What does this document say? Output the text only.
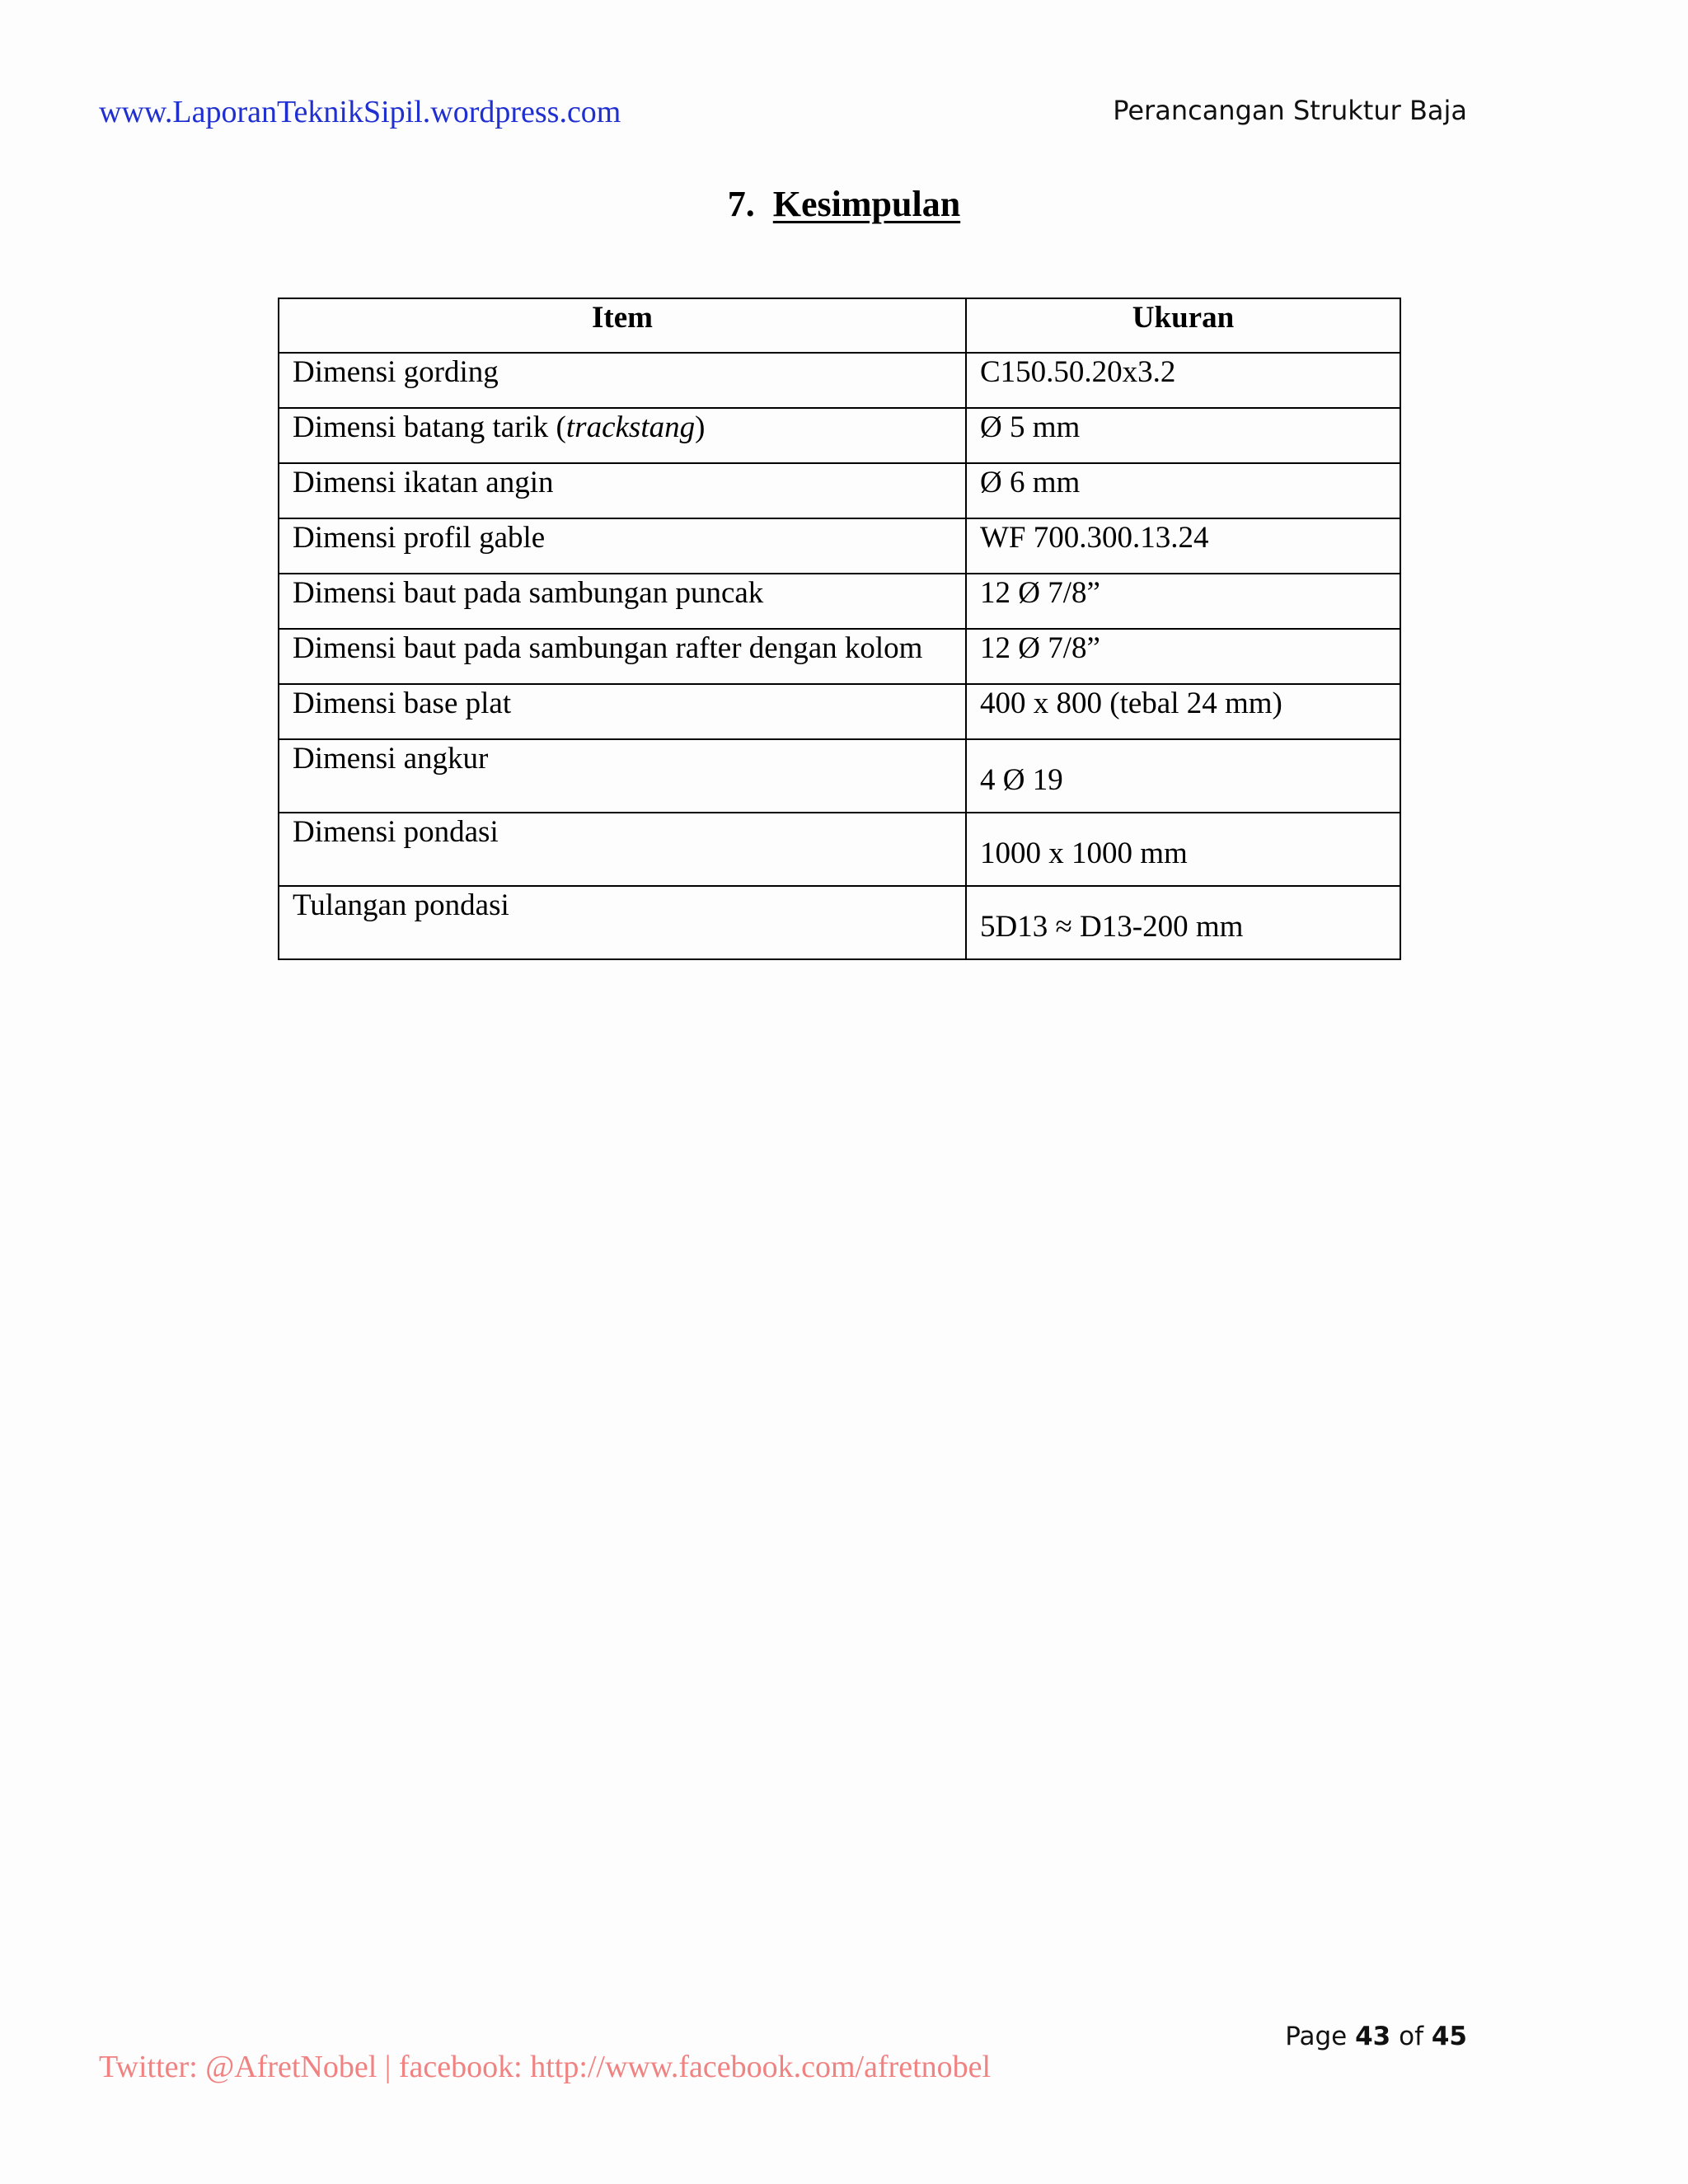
www.LaporanTeknikSipil.wordpress.com	Perancangan Struktur Baja
7. Kesimpulan
Item	Ukuran
Dimensi gording	C150.50.20x3.2
Dimensi batang tarik (trackstang)	Ø 5 mm
Dimensi ikatan angin	Ø 6 mm
Dimensi profil gable	WF 700.300.13.24
Dimensi baut pada sambungan puncak	12 Ø 7/8”
Dimensi baut pada sambungan rafter dengan kolom	12 Ø 7/8”
Dimensi base plat	400 x 800 (tebal 24 mm)
Dimensi angkur	4 Ø 19
Dimensi pondasi	1000 x 1000 mm
Tulangan pondasi	5D13 ≈ D13-200 mm
Page 43 of 45
Twitter: @AfretNobel | facebook: http://www.facebook.com/afretnobel
